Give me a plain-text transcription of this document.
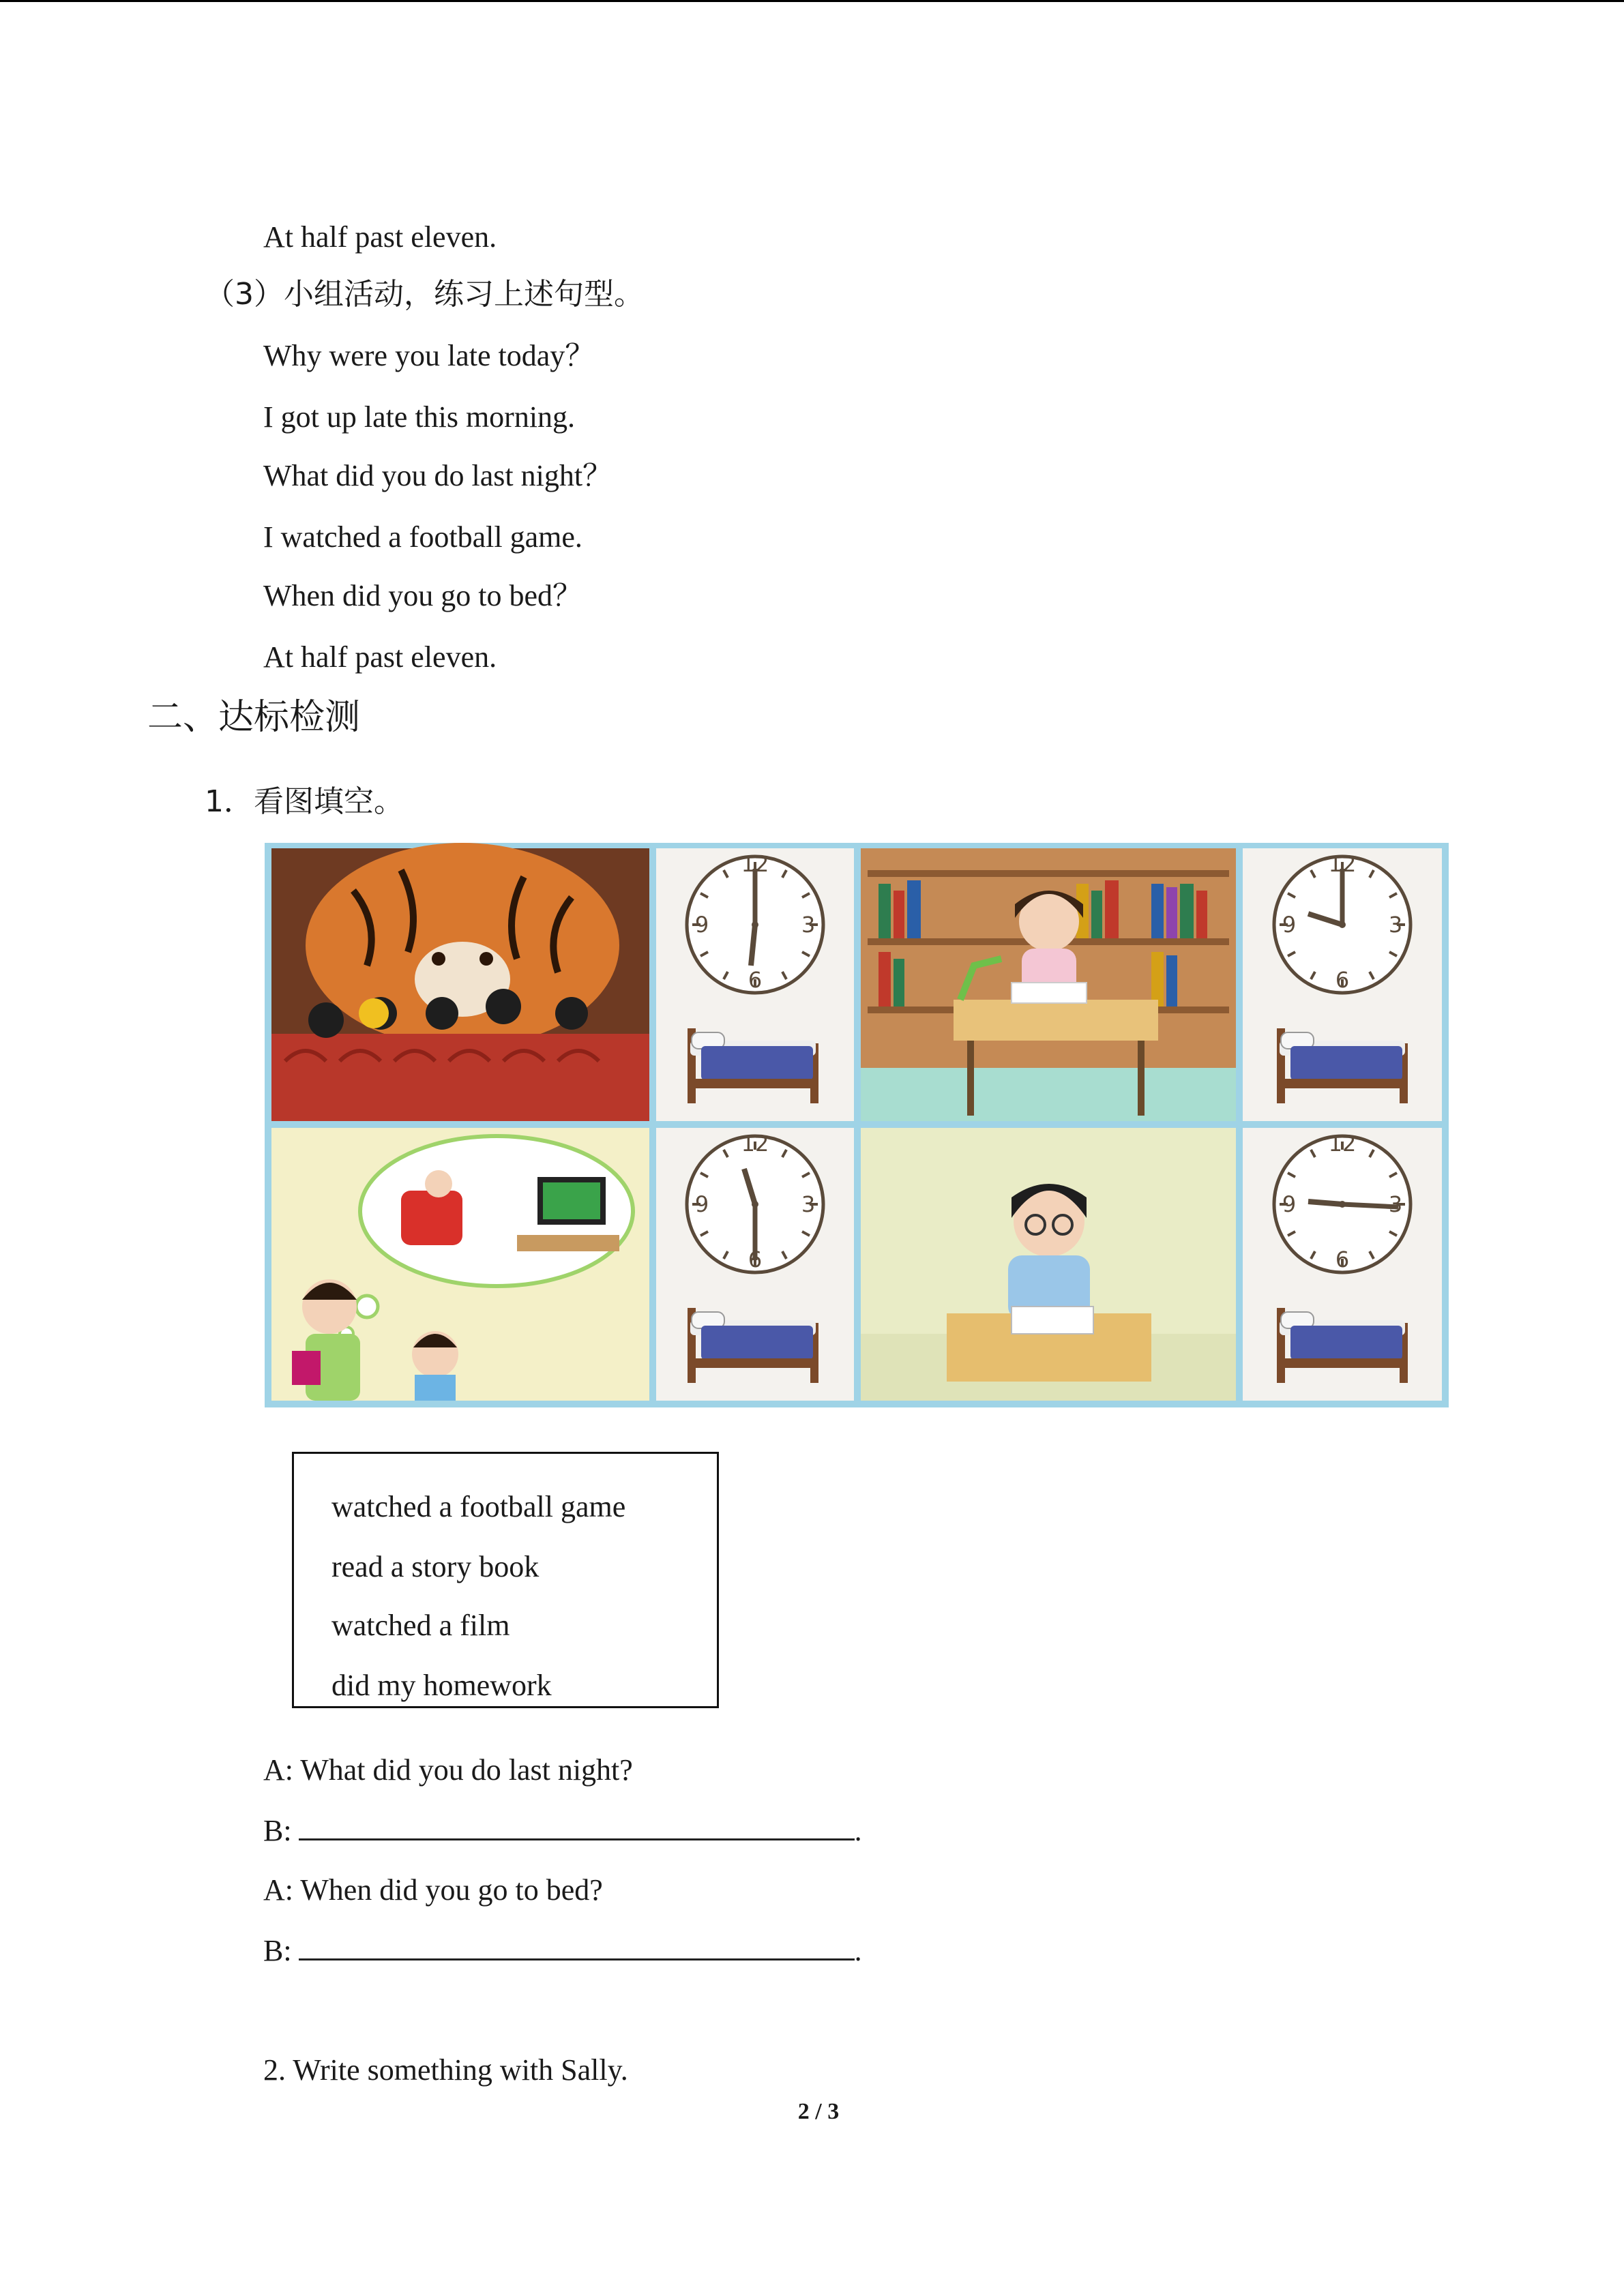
At half past eleven.
（3）小组活动，练习上述句型。
Why were you late today？
I got up late this morning.
What did you do last night？
I watched a football game.
When did you go to bed？
At half past eleven.
二、达标检测
1．看图填空。
12
3
6
9
12
3
6
9
12
3
6
9
12
3
6
9
watched a football game
read a story book
watched a film
did my homework
A: What did you do last night?
B:	.
A: When did you go to bed?
B:	.
2. Write something with Sally.
2 / 3
